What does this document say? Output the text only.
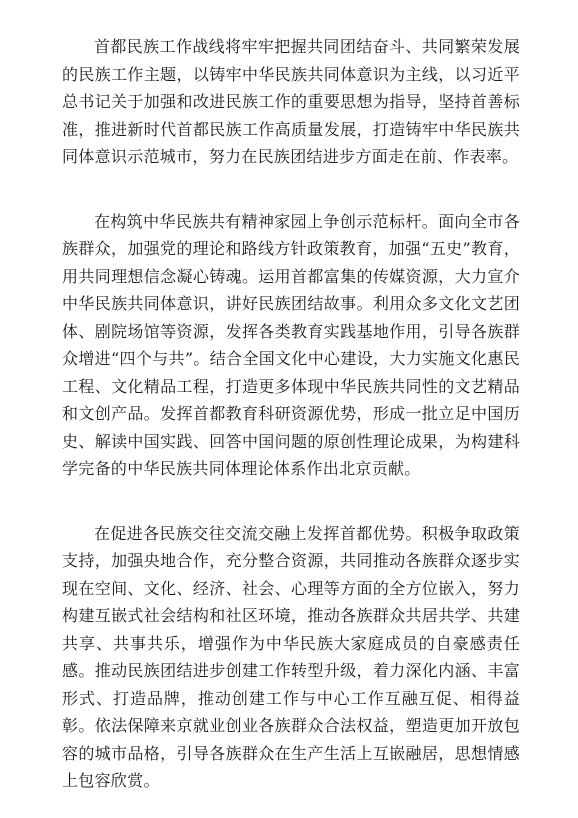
首都民族工作战线将牢牢把握共同团结奋斗、共同繁荣发展的民族工作主题，以铸牢中华民族共同体意识为主线，以习近平总书记关于加强和改进民族工作的重要思想为指导，坚持首善标准，推进新时代首都民族工作高质量发展，打造铸牢中华民族共同体意识示范城市，努力在民族团结进步方面走在前、作表率。

在构筑中华民族共有精神家园上争创示范标杆。面向全市各族群众，加强党的理论和路线方针政策教育，加强“五史”教育，用共同理想信念凝心铸魂。运用首都富集的传媒资源，大力宣介中华民族共同体意识，讲好民族团结故事。利用众多文化文艺团体、剧院场馆等资源，发挥各类教育实践基地作用，引导各族群众增进“四个与共”。结合全国文化中心建设，大力实施文化惠民工程、文化精品工程，打造更多体现中华民族共同性的文艺精品和文创产品。发挥首都教育科研资源优势，形成一批立足中国历史、解读中国实践、回答中国问题的原创性理论成果，为构建科学完备的中华民族共同体理论体系作出北京贡献。

在促进各民族交往交流交融上发挥首都优势。积极争取政策支持，加强央地合作，充分整合资源，共同推动各族群众逐步实现在空间、文化、经济、社会、心理等方面的全方位嵌入，努力构建互嵌式社会结构和社区环境，推动各族群众共居共学、共建共享、共事共乐，增强作为中华民族大家庭成员的自豪感责任感。推动民族团结进步创建工作转型升级，着力深化内涵、丰富形式、打造品牌，推动创建工作与中心工作互融互促、相得益彰。依法保障来京就业创业各族群众合法权益，塑造更加开放包容的城市品格，引导各族群众在生产生活上互嵌融居，思想情感上包容欣赏。
